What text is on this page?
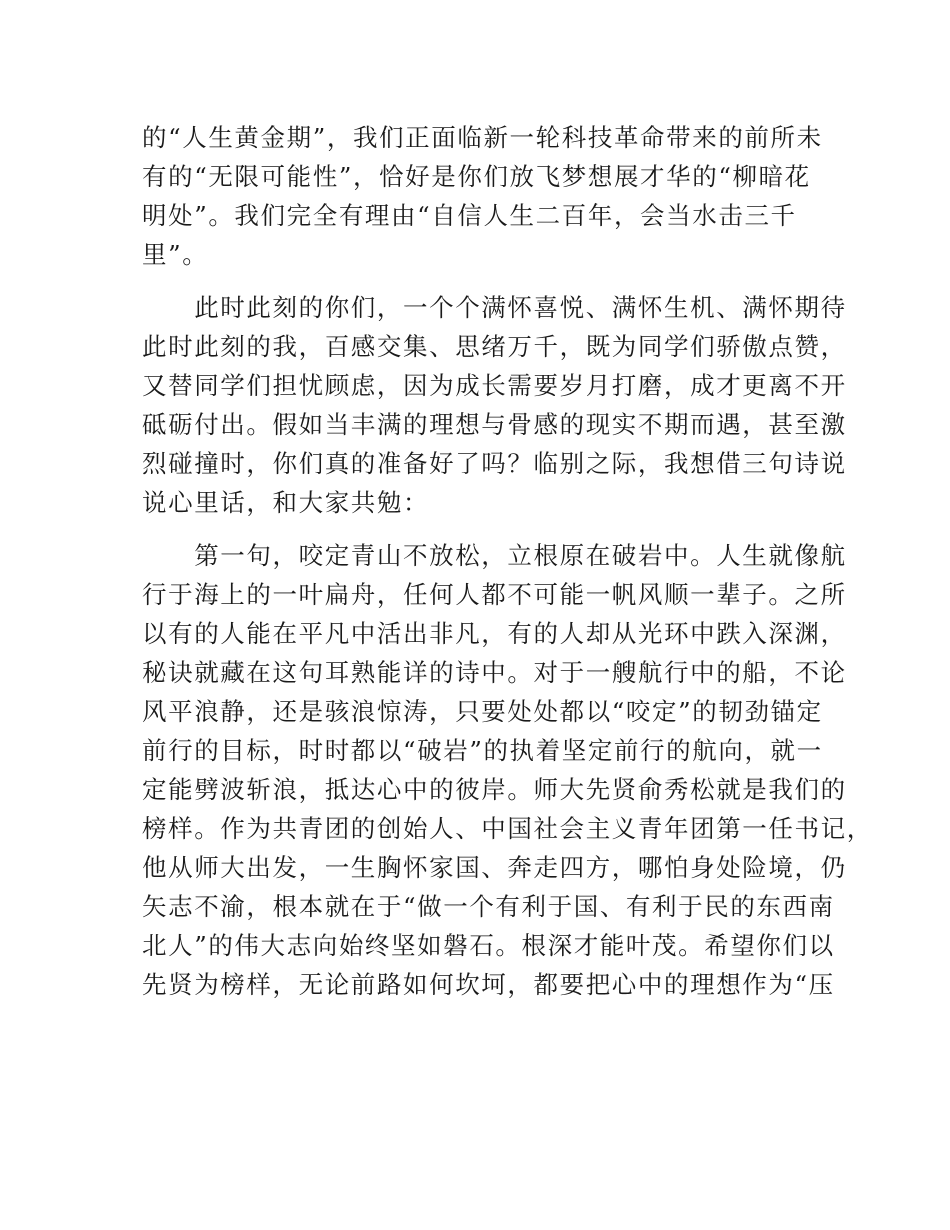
的“人生黄金期”，我们正面临新一轮科技革命带来的前所未
有的“无限可能性”，恰好是你们放飞梦想展才华的“柳暗花
明处”。我们完全有理由“自信人生二百年，会当水击三千
里”。
　　此时此刻的你们，一个个满怀喜悦、满怀生机、满怀期待
此时此刻的我，百感交集、思绪万千，既为同学们骄傲点赞，
又替同学们担忧顾虑，因为成长需要岁月打磨，成才更离不开
砥砺付出。假如当丰满的理想与骨感的现实不期而遇，甚至激
烈碰撞时，你们真的准备好了吗？临别之际，我想借三句诗说
说心里话，和大家共勉：
　　第一句，咬定青山不放松，立根原在破岩中。人生就像航
行于海上的一叶扁舟，任何人都不可能一帆风顺一辈子。之所
以有的人能在平凡中活出非凡，有的人却从光环中跌入深渊，
秘诀就藏在这句耳熟能详的诗中。对于一艘航行中的船，不论
风平浪静，还是骇浪惊涛，只要处处都以“咬定”的韧劲锚定
前行的目标，时时都以“破岩”的执着坚定前行的航向，就一
定能劈波斩浪，抵达心中的彼岸。师大先贤俞秀松就是我们的
榜样。作为共青团的创始人、中国社会主义青年团第一任书记，
他从师大出发，一生胸怀家国、奔走四方，哪怕身处险境，仍
矢志不渝，根本就在于“做一个有利于国、有利于民的东西南
北人”的伟大志向始终坚如磐石。根深才能叶茂。希望你们以
先贤为榜样，无论前路如何坎坷，都要把心中的理想作为“压
